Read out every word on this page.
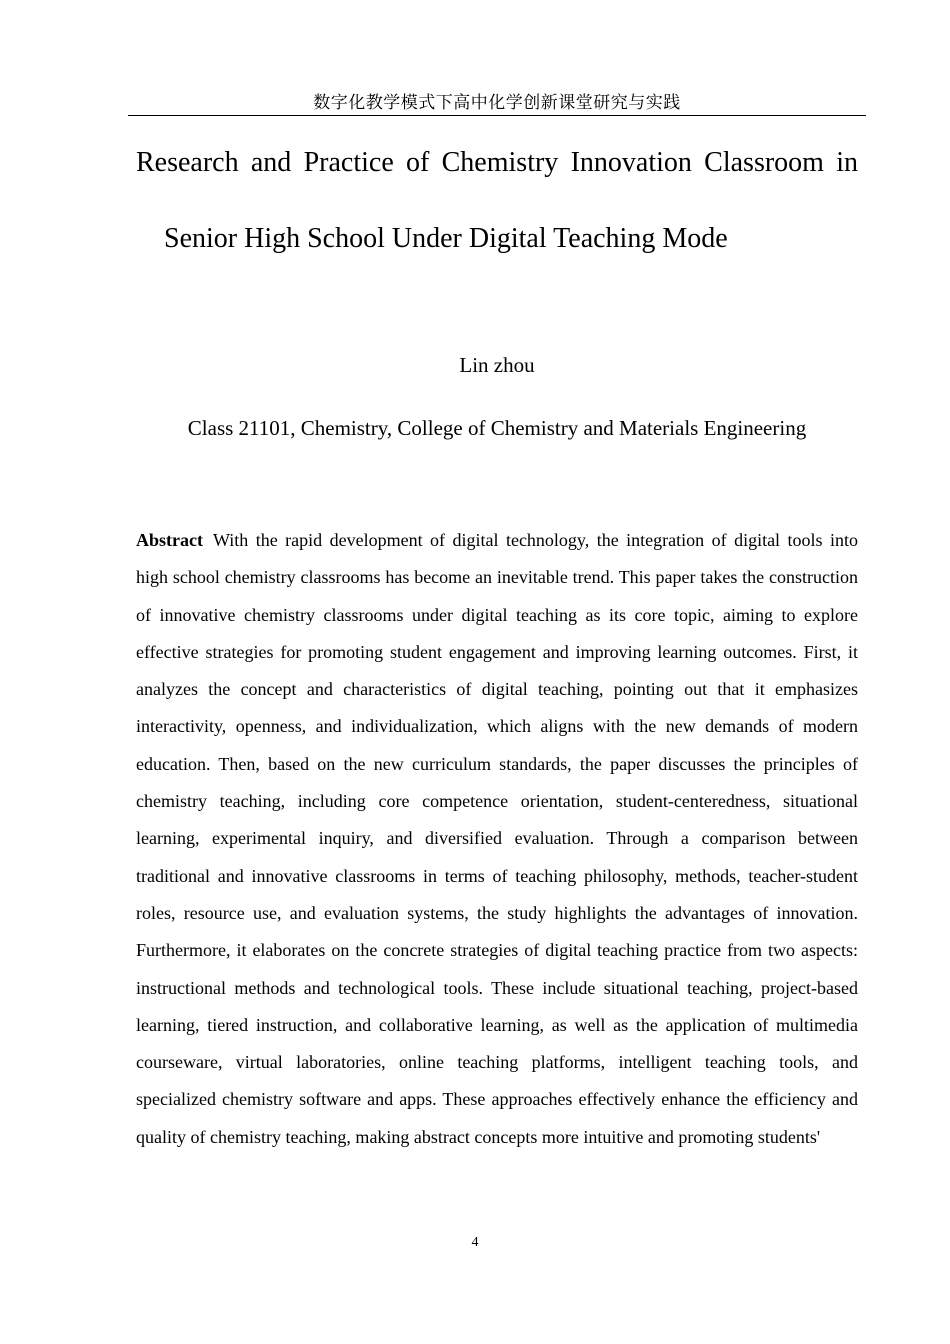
数字化教学模式下高中化学创新课堂研究与实践
Research and Practice of Chemistry Innovation Classroom in
Senior High School Under Digital Teaching Mode
Lin zhou
Class 21101, Chemistry, College of Chemistry and Materials Engineering

Abstract With the rapid development of digital technology, the integration of digital tools into high school chemistry classrooms has become an inevitable trend. This paper takes the construction of innovative chemistry classrooms under digital teaching as its core topic, aiming to explore effective strategies for promoting student engagement and improving learning outcomes. First, it analyzes the concept and characteristics of digital teaching, pointing out that it emphasizes interactivity, openness, and individualization, which aligns with the new demands of modern education. Then, based on the new curriculum standards, the paper discusses the principles of chemistry teaching, including core competence orientation, student-centeredness, situational learning, experimental inquiry, and diversified evaluation. Through a comparison between traditional and innovative classrooms in terms of teaching philosophy, methods, teacher-student roles, resource use, and evaluation systems, the study highlights the advantages of innovation. Furthermore, it elaborates on the concrete strategies of digital teaching practice from two aspects: instructional methods and technological tools. These include situational teaching, project-based learning, tiered instruction, and collaborative learning, as well as the application of multimedia courseware, virtual laboratories, online teaching platforms, intelligent teaching tools, and specialized chemistry software and apps. These approaches effectively enhance the efficiency and quality of chemistry teaching, making abstract concepts more intuitive and promoting students'

4
